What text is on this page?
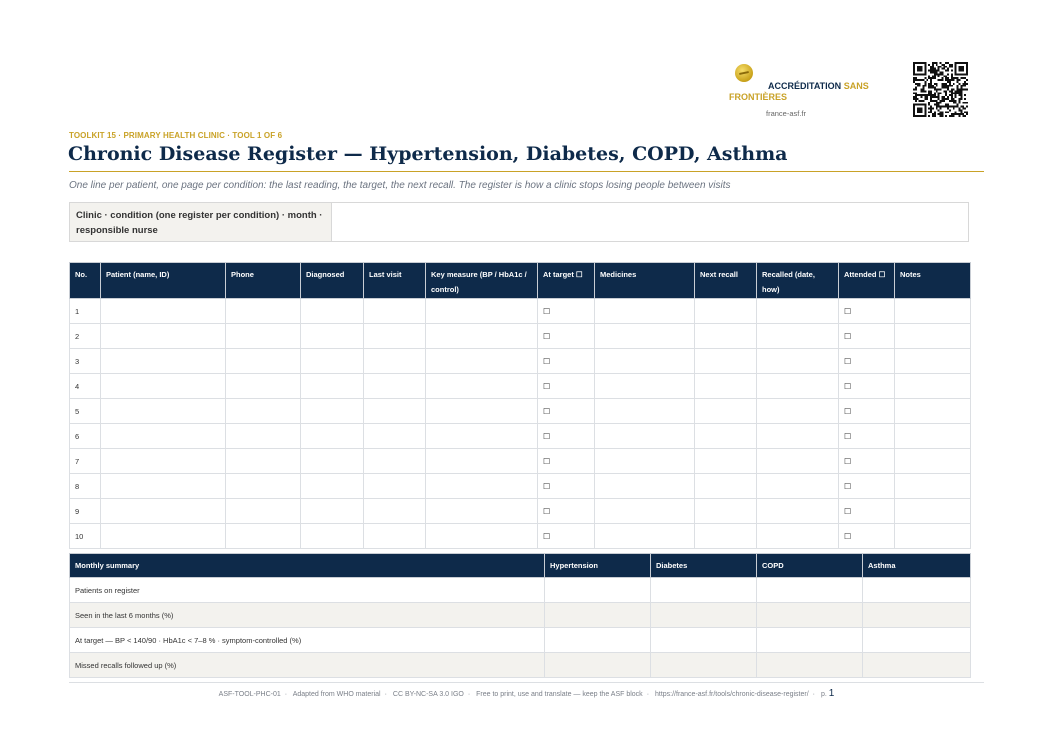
ACCRÉDITATION SANS FRONTIÈRES
france-asf.fr
TOOLKIT 15 · PRIMARY HEALTH CLINIC · TOOL 1 OF 6
Chronic Disease Register — Hypertension, Diabetes, COPD, Asthma
One line per patient, one page per condition: the last reading, the target, the next recall. The register is how a clinic stops losing people between visits
Clinic · condition (one register per condition) · month · responsible nurse
No.	Patient (name, ID)	Phone	Diagnosed	Last visit	Key measure (BP / HbA1c / control)	At target ☐	Medicines	Next recall	Recalled (date, how)	Attended ☐	Notes
1						☐				☐	
2						☐				☐	
3						☐				☐	
4						☐				☐	
5						☐				☐	
6						☐				☐	
7						☐				☐	
8						☐				☐	
9						☐				☐	
10						☐				☐	
Monthly summary	Hypertension	Diabetes	COPD	Asthma
Patients on register				
Seen in the last 6 months (%)				
At target — BP < 140/90 · HbA1c < 7–8 % · symptom-controlled (%)				
Missed recalls followed up (%)				
ASF-TOOL-PHC-01 · Adapted from WHO material · CC BY-NC-SA 3.0 IGO · Free to print, use and translate — keep the ASF block · https://france-asf.fr/tools/chronic-disease-register/ · p. 1
